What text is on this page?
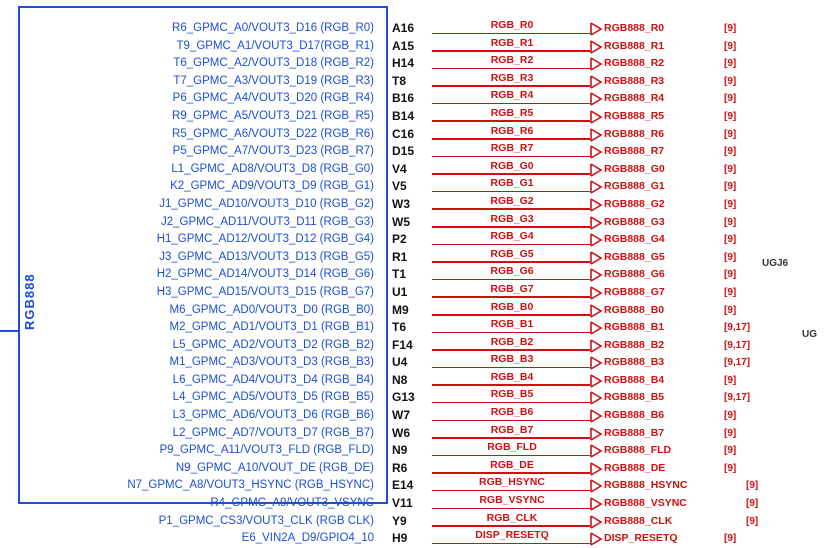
RGB888
R6_GPMC_A0/VOUT3_D16 (RGB_R0)
T9_GPMC_A1/VOUT3_D17(RGB_R1)
T6_GPMC_A2/VOUT3_D18 (RGB_R2)
T7_GPMC_A3/VOUT3_D19 (RGB_R3)
P6_GPMC_A4/VOUT3_D20 (RGB_R4)
R9_GPMC_A5/VOUT3_D21 (RGB_R5)
R5_GPMC_A6/VOUT3_D22 (RGB_R6)
P5_GPMC_A7/VOUT3_D23 (RGB_R7)
L1_GPMC_AD8/VOUT3_D8 (RGB_G0)
K2_GPMC_AD9/VOUT3_D9 (RGB_G1)
J1_GPMC_AD10/VOUT3_D10 (RGB_G2)
J2_GPMC_AD11/VOUT3_D11 (RGB_G3)
H1_GPMC_AD12/VOUT3_D12 (RGB_G4)
J3_GPMC_AD13/VOUT3_D13 (RGB_G5)
H2_GPMC_AD14/VOUT3_D14 (RGB_G6)
H3_GPMC_AD15/VOUT3_D15 (RGB_G7)
M6_GPMC_AD0/VOUT3_D0 (RGB_B0)
M2_GPMC_AD1/VOUT3_D1 (RGB_B1)
L5_GPMC_AD2/VOUT3_D2 (RGB_B2)
M1_GPMC_AD3/VOUT3_D3 (RGB_B3)
L6_GPMC_AD4/VOUT3_D4 (RGB_B4)
L4_GPMC_AD5/VOUT3_D5 (RGB_B5)
L3_GPMC_AD6/VOUT3_D6 (RGB_B6)
L2_GPMC_AD7/VOUT3_D7 (RGB_B7)
P9_GPMC_A11/VOUT3_FLD (RGB_FLD)
N9_GPMC_A10/VOUT_DE (RGB_DE)
N7_GPMC_A8/VOUT3_HSYNC (RGB_HSYNC)
R4_GPMC_A9/VOUT3_VSYNC
P1_GPMC_CS3/VOUT3_CLK (RGB CLK)
E6_VIN2A_D9/GPIO4_10
A16
A15
H14
T8
B16
B14
C16
D15
V4
V5
W3
W5
P2
R1
T1
U1
M9
T6
F14
U4
N8
G13
W7
W6
N9
R6
E14
V11
Y9
H9
RGB_R0
RGB_R1
RGB_R2
RGB_R3
RGB_R4
RGB_R5
RGB_R6
RGB_R7
RGB_G0
RGB_G1
RGB_G2
RGB_G3
RGB_G4
RGB_G5
RGB_G6
RGB_G7
RGB_B0
RGB_B1
RGB_B2
RGB_B3
RGB_B4
RGB_B5
RGB_B6
RGB_B7
RGB_FLD
RGB_DE
RGB_HSYNC
RGB_VSYNC
RGB_CLK
DISP_RESETQ
RGB888_R0
RGB888_R1
RGB888_R2
RGB888_R3
RGB888_R4
RGB888_R5
RGB888_R6
RGB888_R7
RGB888_G0
RGB888_G1
RGB888_G2
RGB888_G3
RGB888_G4
RGB888_G5
RGB888_G6
RGB888_G7
RGB888_B0
RGB888_B1
RGB888_B2
RGB888_B3
RGB888_B4
RGB888_B5
RGB888_B6
RGB888_B7
RGB888_FLD
RGB888_DE
RGB888_HSYNC
RGB888_VSYNC
RGB888_CLK
DISP_RESETQ
[9]
[9]
[9]
[9]
[9]
[9]
[9]
[9]
[9]
[9]
[9]
[9]
[9]
[9]
[9]
[9]
[9]
[9,17]
[9,17]
[9,17]
[9]
[9,17]
[9]
[9]
[9]
[9]
[9]
[9]
[9]
[9]
UGJ6
UG
